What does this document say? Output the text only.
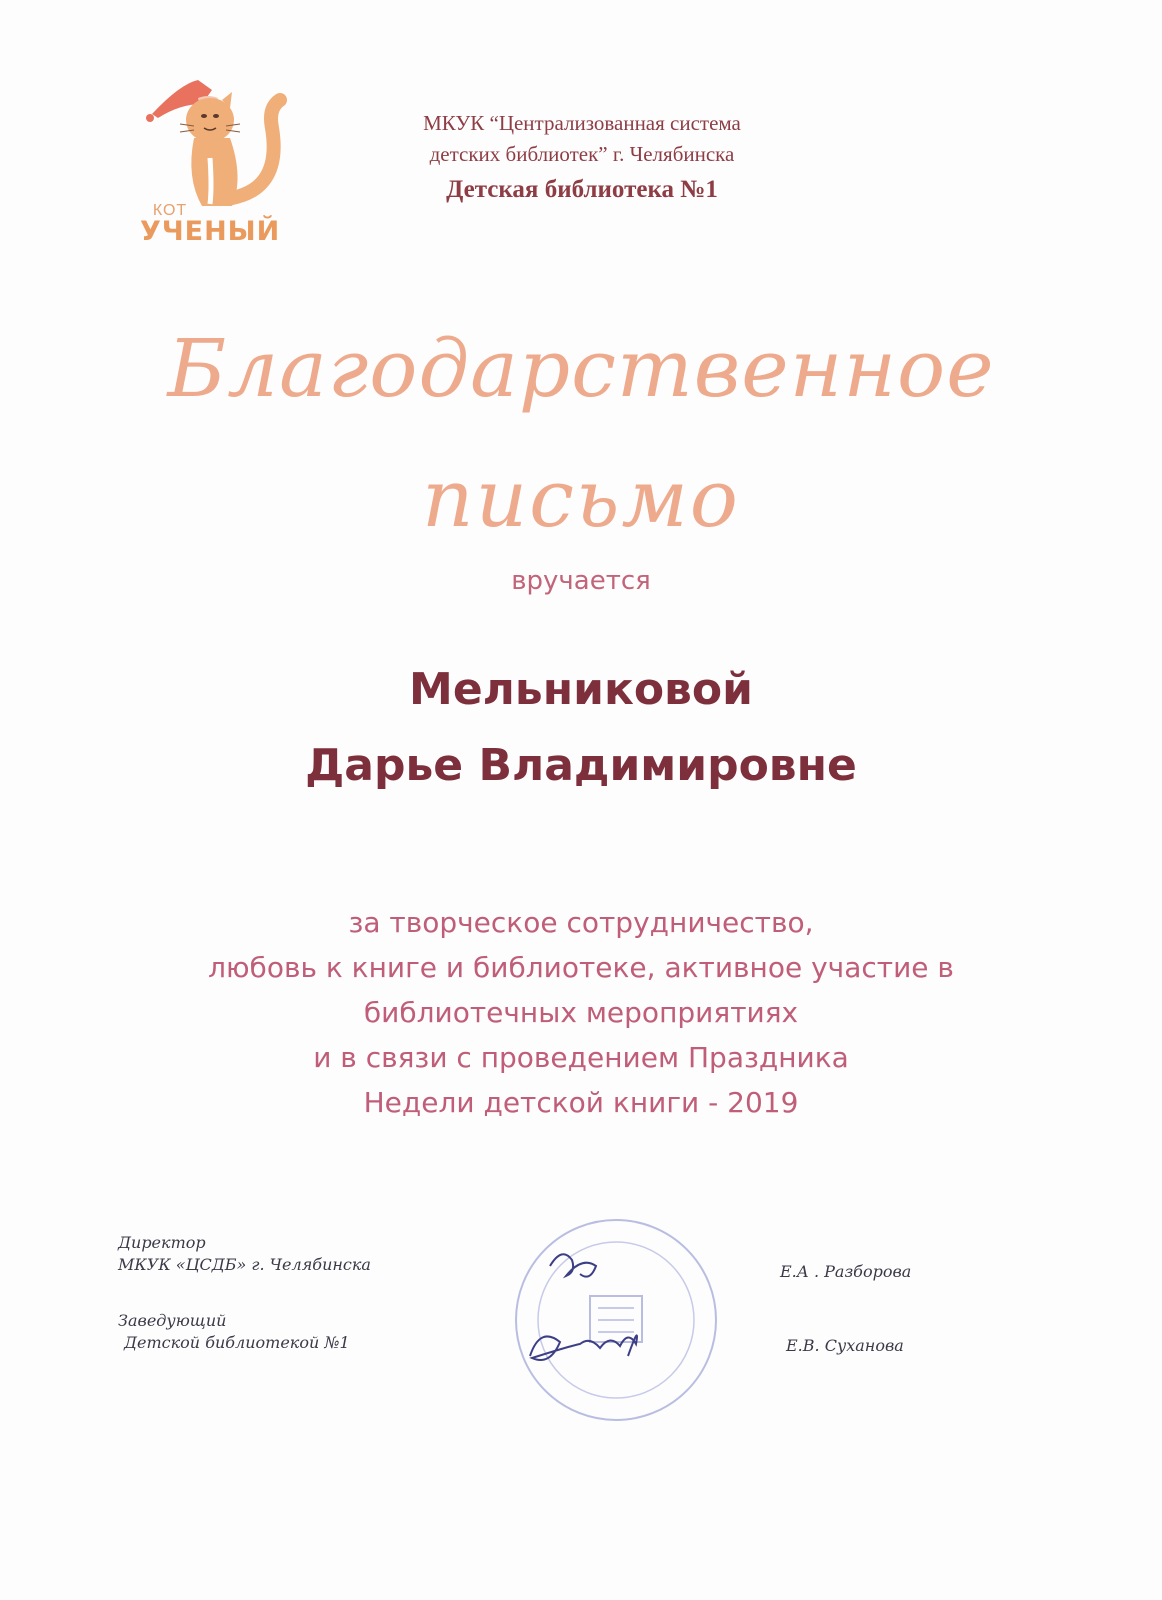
КОТ
УЧЕНЫЙ
МКУК “Централизованная система
детских библиотек” г. Челябинска
Детская библиотека №1
Благодарственное
письмо
вручается
Мельниковой
Дарье Владимировне
за творческое сотрудничество,
любовь к книге и библиотеке, активное участие в
библиотечных мероприятиях
и в связи с проведением Праздника
Недели детской книги - 2019
Директор
МКУК «ЦСДБ» г. Челябинска	Е.А . Разборова
Заведующий
Детской библиотекой №1	Е.В. Суханова
